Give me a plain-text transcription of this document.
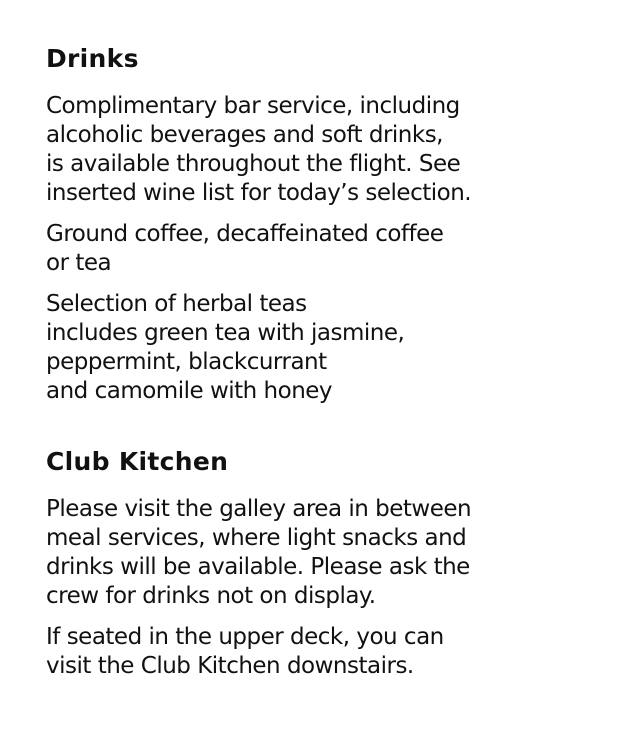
Drinks

Complimentary bar service, including
alcoholic beverages and soft drinks,
is available throughout the flight. See
inserted wine list for today’s selection.

Ground coffee, decaffeinated coffee
or tea

Selection of herbal teas
includes green tea with jasmine,
peppermint, blackcurrant
and camomile with honey

Club Kitchen

Please visit the galley area in between
meal services, where light snacks and
drinks will be available. Please ask the
crew for drinks not on display.

If seated in the upper deck, you can
visit the Club Kitchen downstairs.
